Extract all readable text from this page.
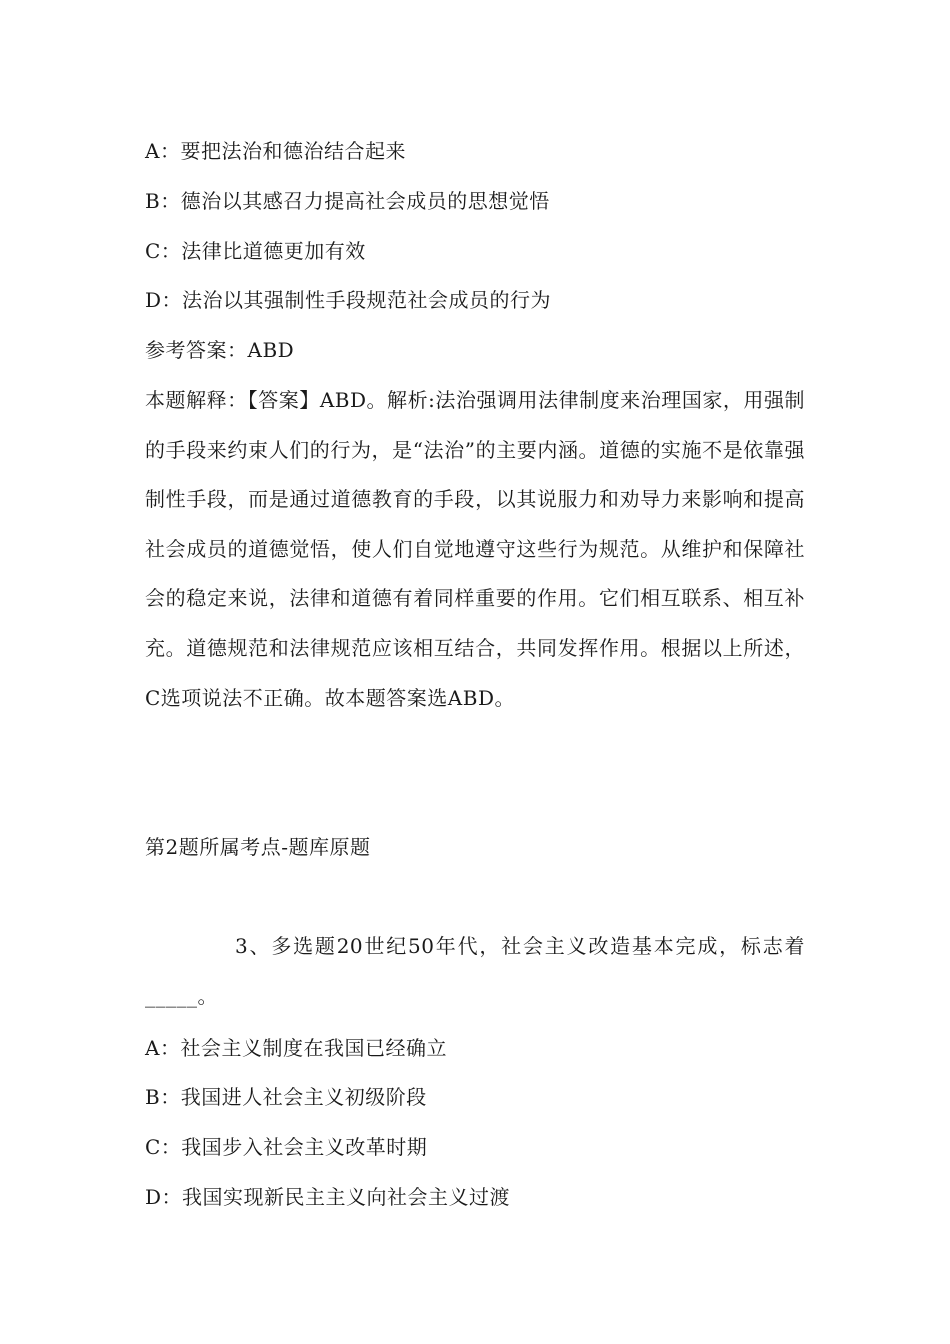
A：要把法治和德治结合起来
B：德治以其感召力提高社会成员的思想觉悟
C：法律比道德更加有效
D：法治以其强制性手段规范社会成员的行为
参考答案：ABD
本题解释：【答案】ABD。解析:法治强调用法律制度来治理国家，用强制的手段来约束人们的行为，是“法治”的主要内涵。道德的实施不是依靠强制性手段，而是通过道德教育的手段，以其说服力和劝导力来影响和提高社会成员的道德觉悟，使人们自觉地遵守这些行为规范。从维护和保障社会的稳定来说，法律和道德有着同样重要的作用。它们相互联系、相互补充。道德规范和法律规范应该相互结合，共同发挥作用。根据以上所述，C选项说法不正确。故本题答案选ABD。
第2题所属考点-题库原题
3、多选题20世纪50年代，社会主义改造基本完成，标志着_____。
A：社会主义制度在我国已经确立
B：我国进人社会主义初级阶段
C：我国步入社会主义改革时期
D：我国实现新民主主义向社会主义过渡
